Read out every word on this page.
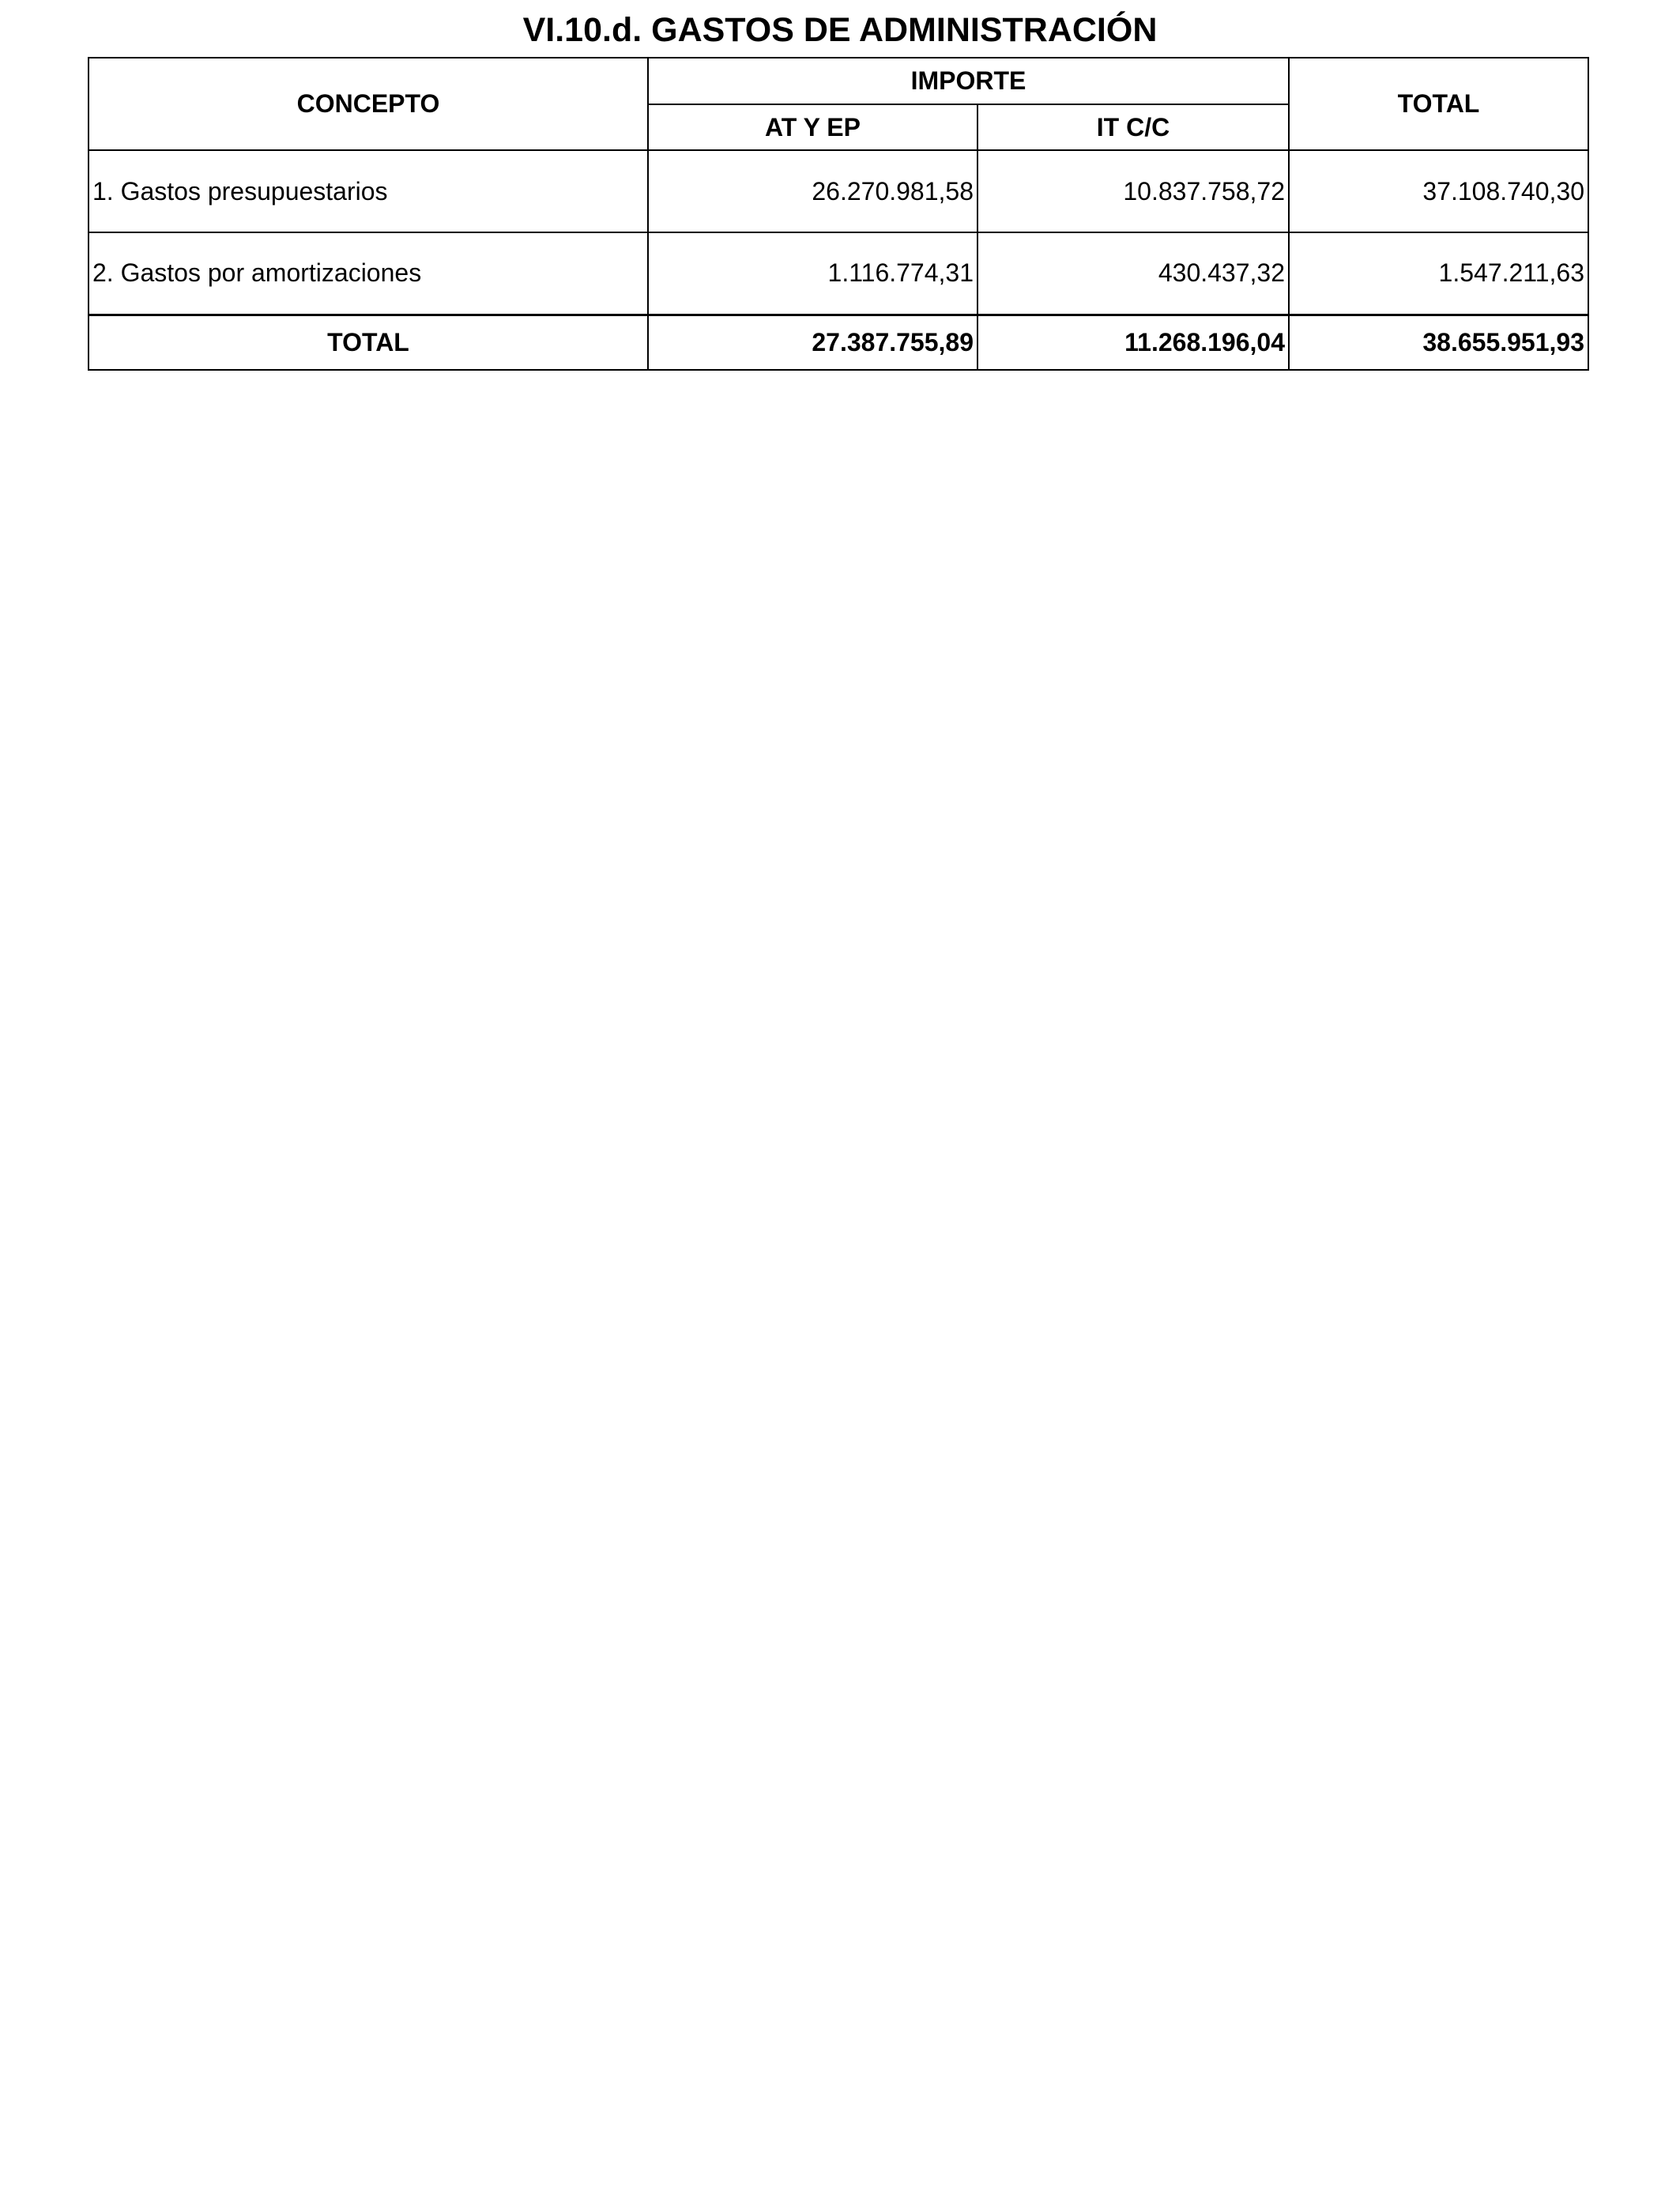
VI.10.d. GASTOS DE ADMINISTRACIÓN
CONCEPTO	IMPORTE		TOTAL
	AT Y EP	IT C/C	
1. Gastos presupuestarios	26.270.981,58	10.837.758,72	37.108.740,30
2. Gastos por amortizaciones	1.116.774,31	430.437,32	1.547.211,63
TOTAL	27.387.755,89	11.268.196,04	38.655.951,93
